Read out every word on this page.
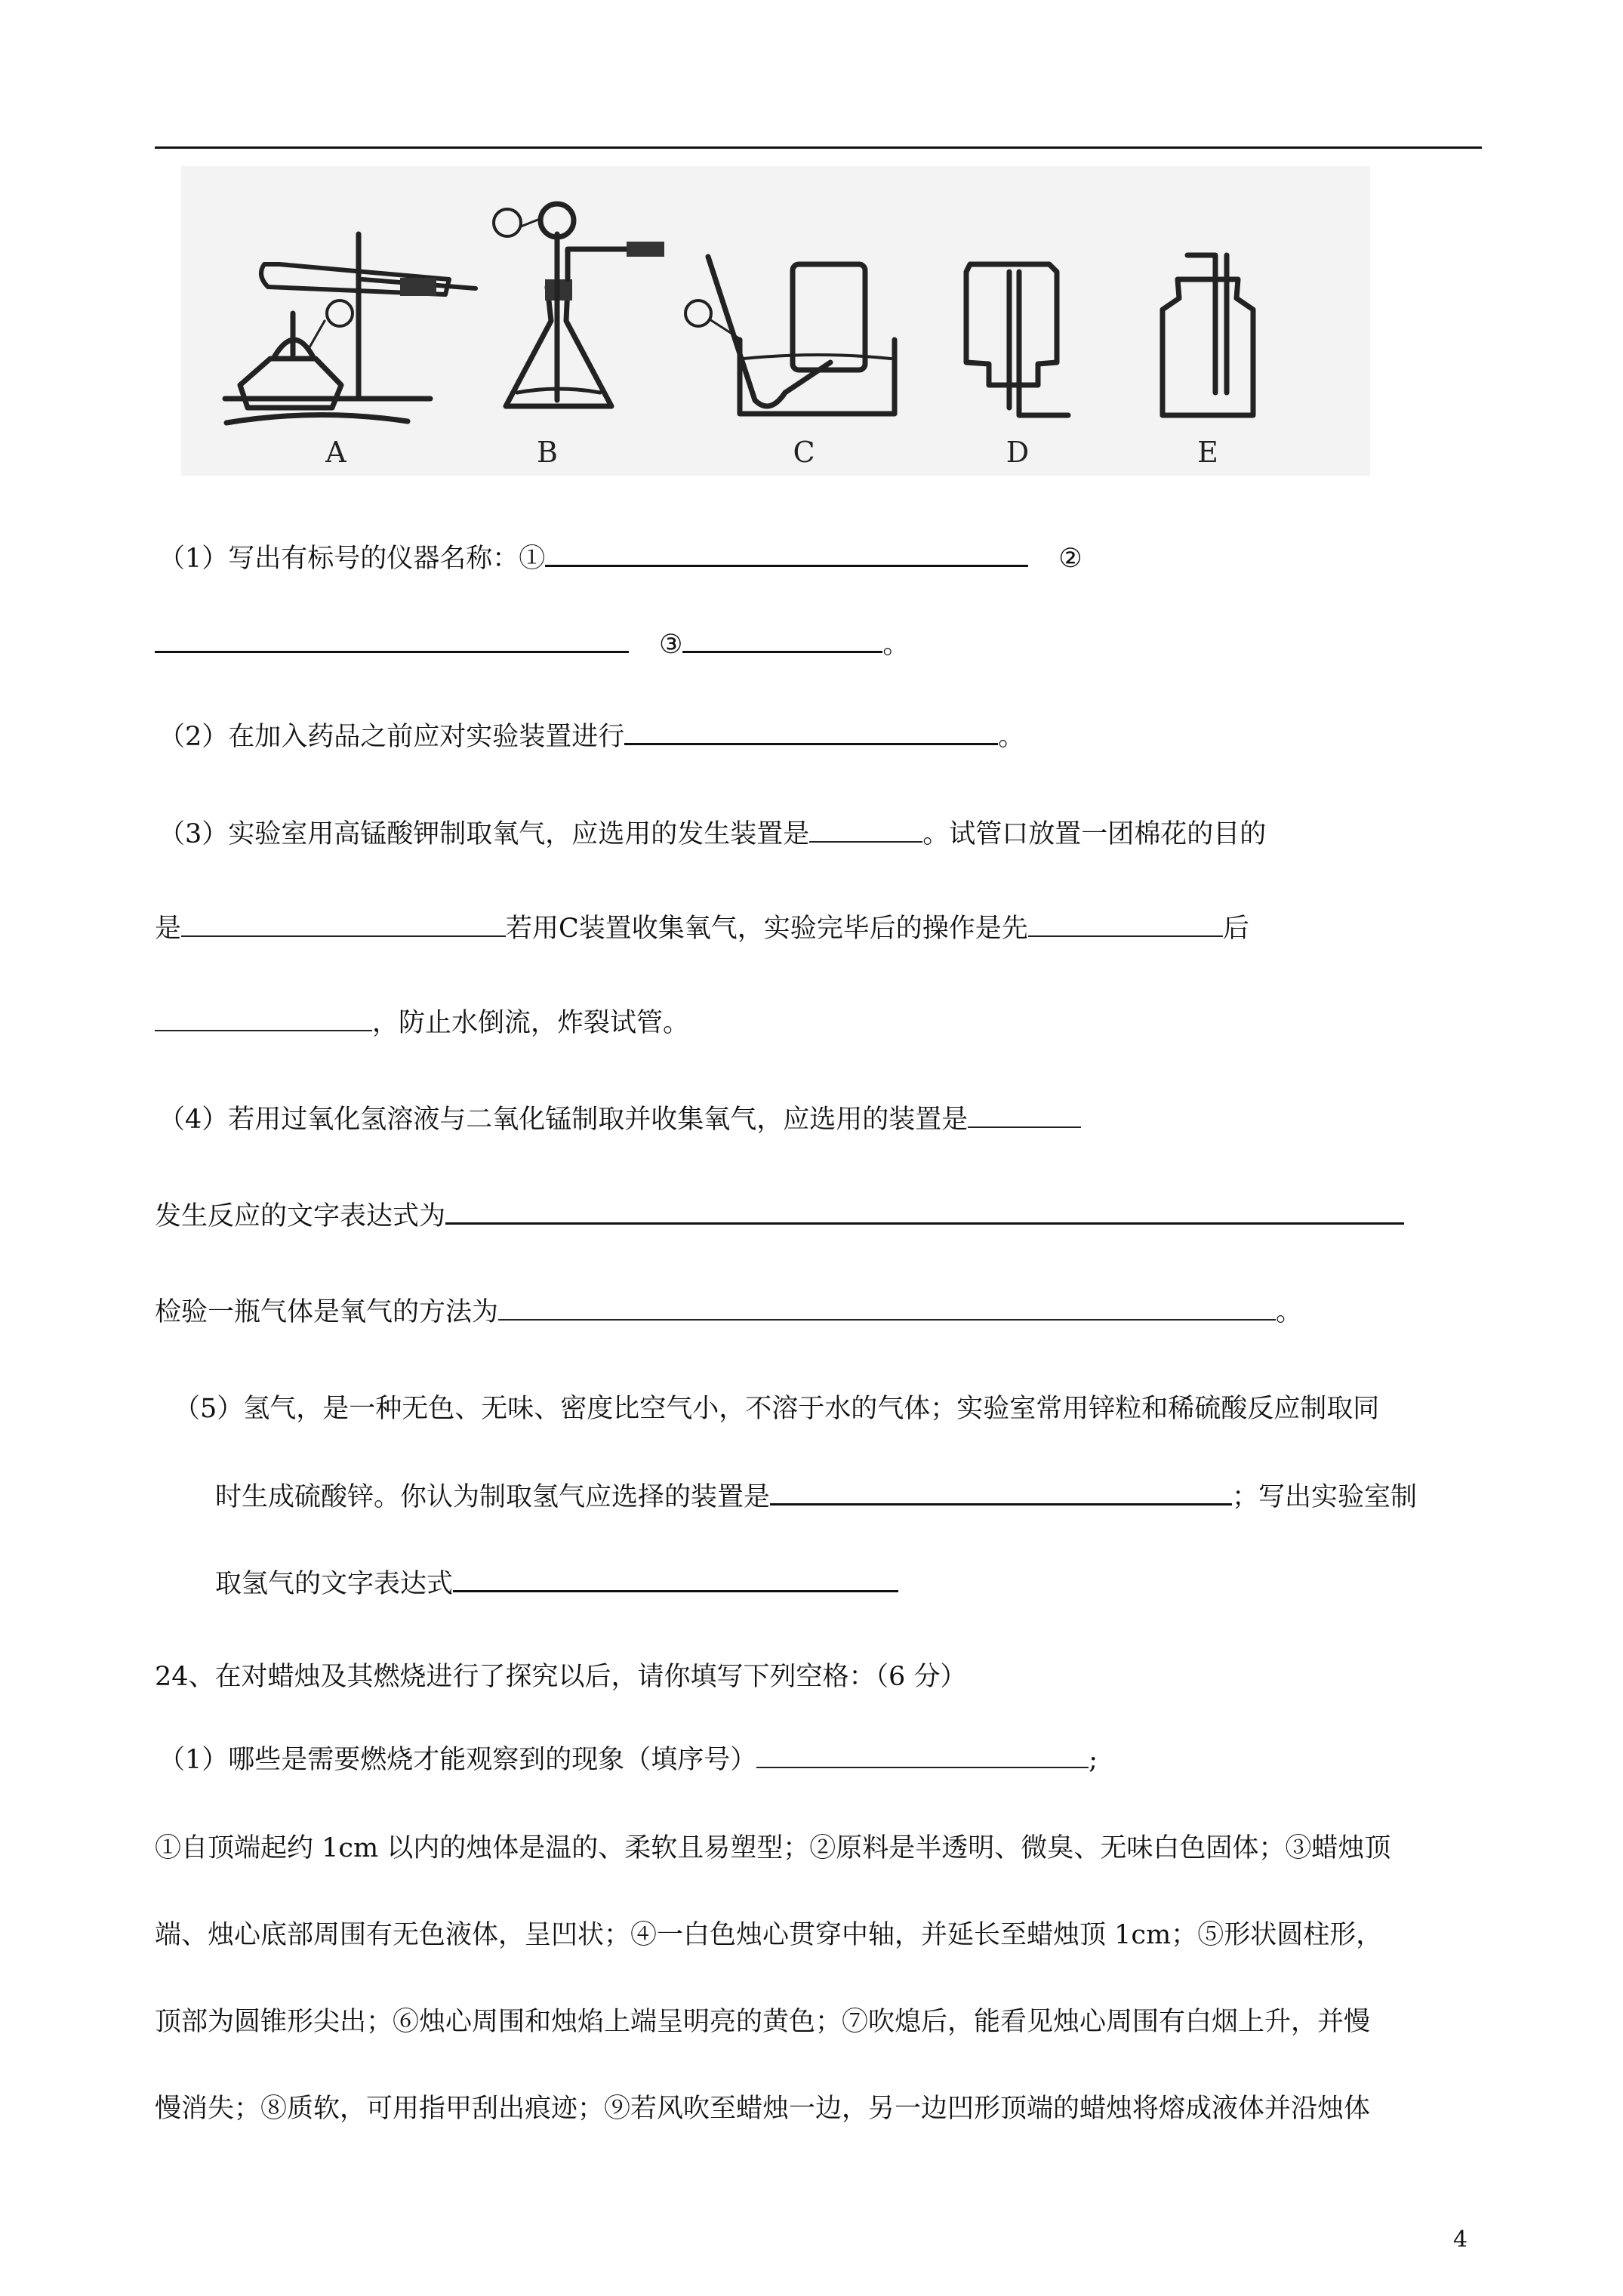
A	B	C	D	E
（1）写出有标号的仪器名称：①	②
③	。
（2）在加入药品之前应对实验装置进行	。
（3）实验室用高锰酸钾制取氧气，应选用的发生装置是	。试管口放置一团棉花的目的
是	若用C装置收集氧气，实验完毕后的操作是先	后
，防止水倒流，炸裂试管。
（4）若用过氧化氢溶液与二氧化锰制取并收集氧气，应选用的装置是
发生反应的文字表达式为
检验一瓶气体是氧气的方法为	。
（5）氢气，是一种无色、无味、密度比空气小，不溶于水的气体；实验室常用锌粒和稀硫酸反应制取同
时生成硫酸锌。你认为制取氢气应选择的装置是	；写出实验室制
取氢气的文字表达式
24、在对蜡烛及其燃烧进行了探究以后，请你填写下列空格：（6 分）
（1）哪些是需要燃烧才能观察到的现象（填序号）	;
①自顶端起约 1cm 以内的烛体是温的、柔软且易塑型；②原料是半透明、微臭、无味白色固体；③蜡烛顶
端、烛心底部周围有无色液体，呈凹状；④一白色烛心贯穿中轴，并延长至蜡烛顶 1cm；⑤形状圆柱形，
顶部为圆锥形尖出；⑥烛心周围和烛焰上端呈明亮的黄色；⑦吹熄后，能看见烛心周围有白烟上升，并慢
慢消失；⑧质软，可用指甲刮出痕迹；⑨若风吹至蜡烛一边，另一边凹形顶端的蜡烛将熔成液体并沿烛体
4
